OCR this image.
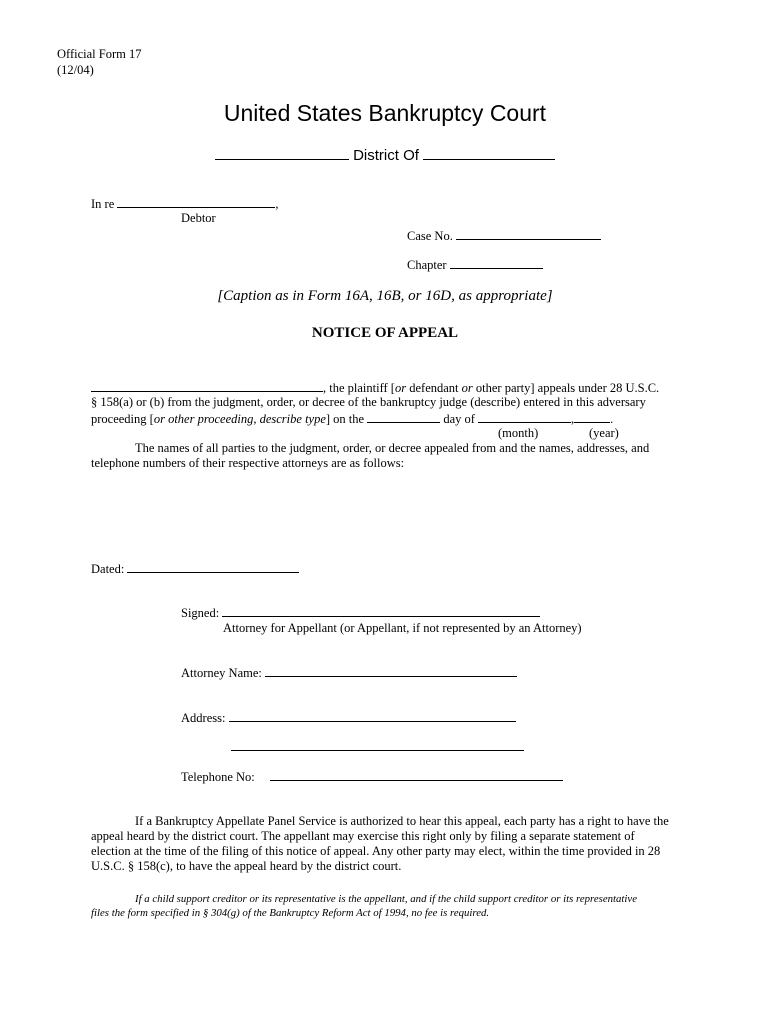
Official Form 17
(12/04)
United States Bankruptcy Court
District Of
In re	,
Debtor
Case No.
Chapter
[Caption as in Form 16A, 16B, or 16D, as appropriate]
NOTICE OF APPEAL
, the plaintiff [or defendant or other party] appeals under 28 U.S.C.
§ 158(a) or (b) from the judgment, order, or decree of the bankruptcy judge (describe) entered in this adversary
proceeding [or other proceeding, describe type] on the	day of	,	.
(month)	(year)
The names of all parties to the judgment, order, or decree appealed from and the names, addresses, and
telephone numbers of their respective attorneys are as follows:
Dated:
Signed:
Attorney for Appellant (or Appellant, if not represented by an Attorney)
Attorney Name:
Address:
Telephone No:
If a Bankruptcy Appellate Panel Service is authorized to hear this appeal, each party has a right to have the
appeal heard by the district court. The appellant may exercise this right only by filing a separate statement of
election at the time of the filing of this notice of appeal. Any other party may elect, within the time provided in 28
U.S.C. § 158(c), to have the appeal heard by the district court.
If a child support creditor or its representative is the appellant, and if the child support creditor or its representative
files the form specified in § 304(g) of the Bankruptcy Reform Act of 1994, no fee is required.
